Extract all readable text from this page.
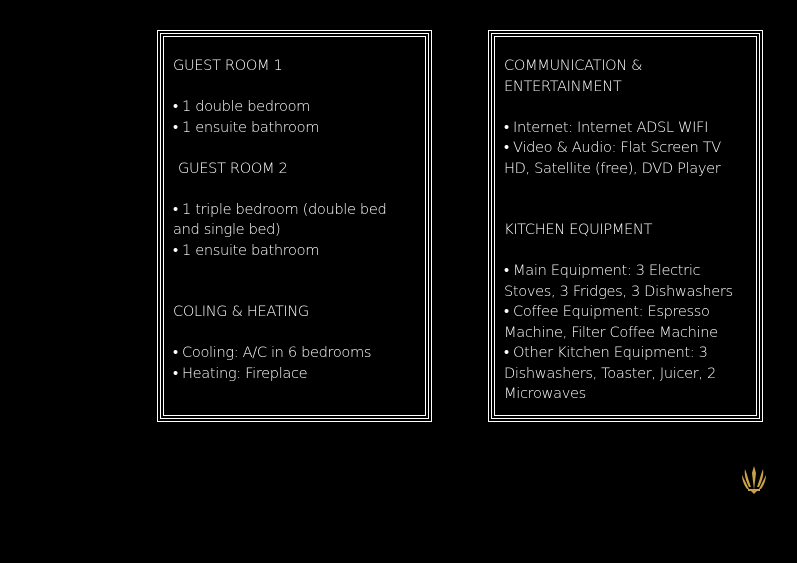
GUEST ROOM 1
• 1 double bedroom
• 1 ensuite bathroom
GUEST ROOM 2
• 1 triple bedroom (double bed and single bed)
• 1 ensuite bathroom
COLING & HEATING
• Cooling: A/C in 6 bedrooms
• Heating: Fireplace
COMMUNICATION & ENTERTAINMENT
• Internet: Internet ADSL WIFI
• Video & Audio: Flat Screen TV HD, Satellite (free), DVD Player
KITCHEN EQUIPMENT
• Main Equipment: 3 Electric Stoves, 3 Fridges, 3 Dishwashers
• Coffee Equipment: Espresso Machine, Filter Coffee Machine
• Other Kitchen Equipment: 3 Dishwashers, Toaster, Juicer, 2 Microwaves
